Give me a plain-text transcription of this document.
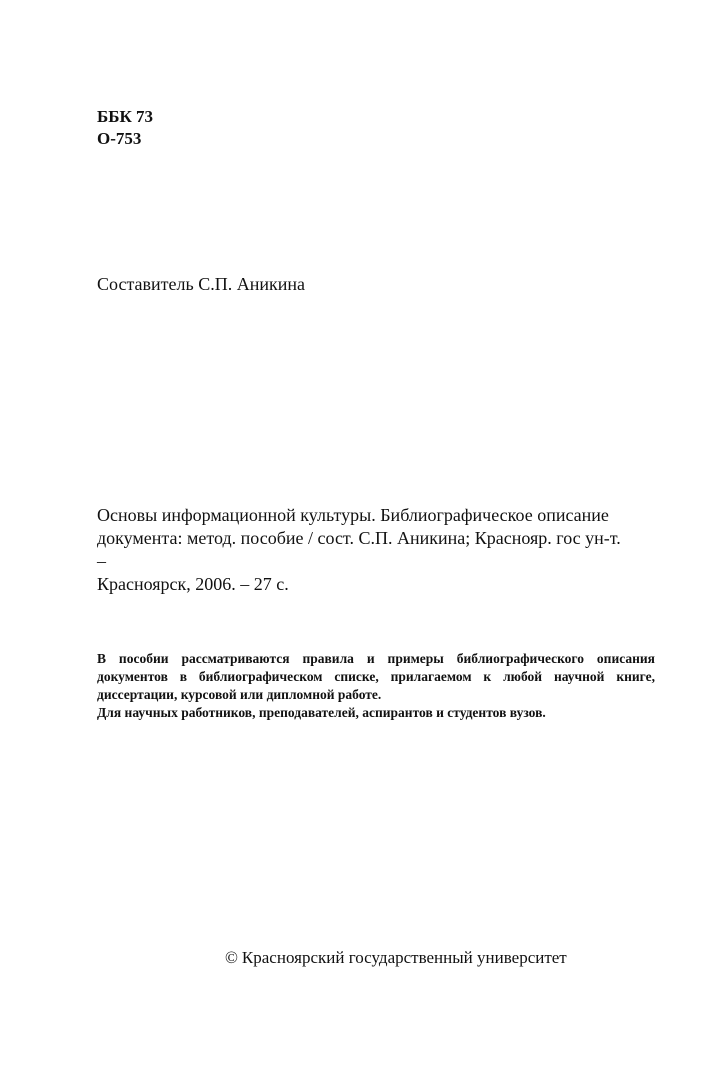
ББК 73
О-753
Составитель С.П. Аникина

Основы информационной культуры. Библиографическое описание

документа: метод. пособие / сост. С.П. Аникина; Краснояр. гос ун-т. –

Красноярск, 2006. – 27 с.

В пособии рассматриваются правила и примеры библиографического описания

документов в библиографическом списке, прилагаемом к любой научной книге,

диссертации, курсовой или дипломной работе.

Для научных работников, преподавателей, аспирантов и студентов вузов.

© Красноярский государственный университет
